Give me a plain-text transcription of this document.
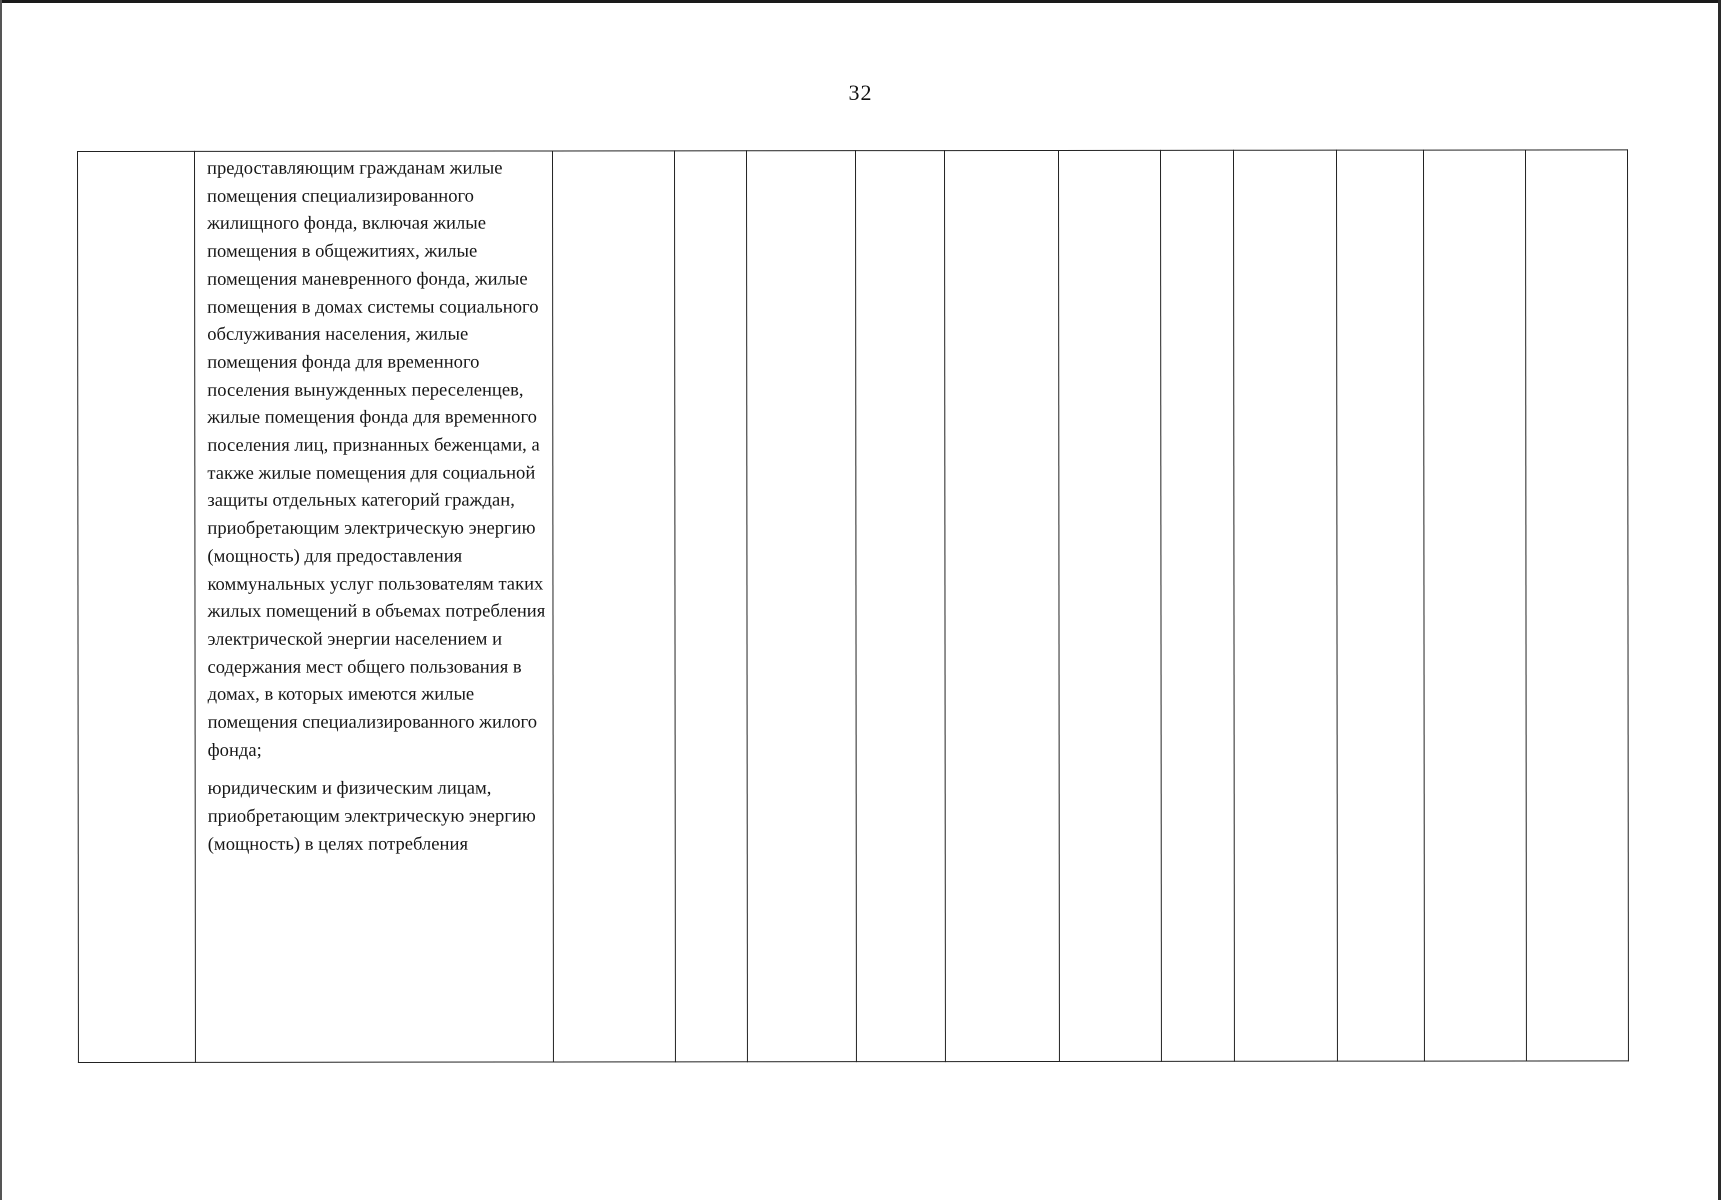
32

предоставляющим гражданам жилые помещения специализированного жилищного фонда, включая жилые помещения в общежитиях, жилые помещения маневренного фонда, жилые помещения в домах системы социального обслуживания населения, жилые помещения фонда для временного поселения вынужденных переселенцев, жилые помещения фонда для временного поселения лиц, признанных беженцами, а также жилые помещения для социальной защиты отдельных категорий граждан, приобретающим электрическую энергию (мощность) для предоставления коммунальных услуг пользователям таких жилых помещений в объемах потребления электрической энергии населением и содержания мест общего пользования в домах, в которых имеются жилые помещения специализированного жилого фонда;

юридическим и физическим лицам, приобретающим электрическую энергию (мощность) в целях потребления
